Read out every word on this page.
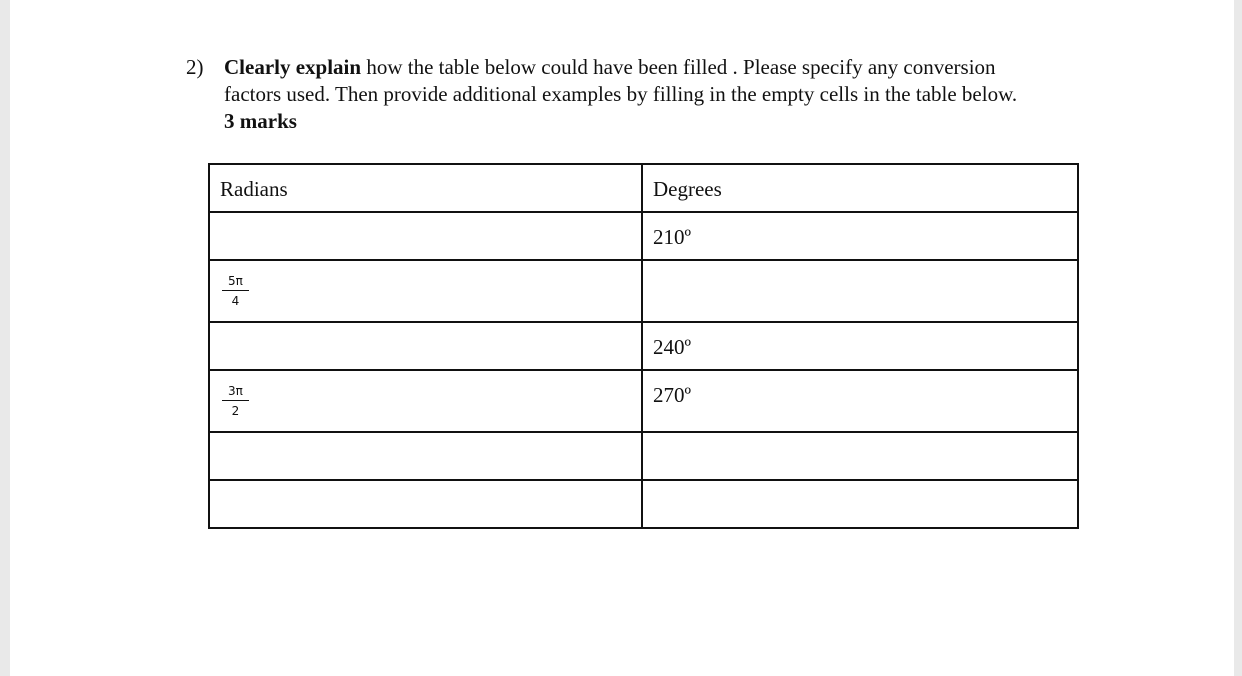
2) Clearly explain how the table below could have been filled . Please specify any conversion
factors used. Then provide additional examples by filling in the empty cells in the table below.
3 marks
Radians	Degrees

	210º

$\frac{5\pi}{4}$

	240º

$\frac{3\pi}{2}$	270º
